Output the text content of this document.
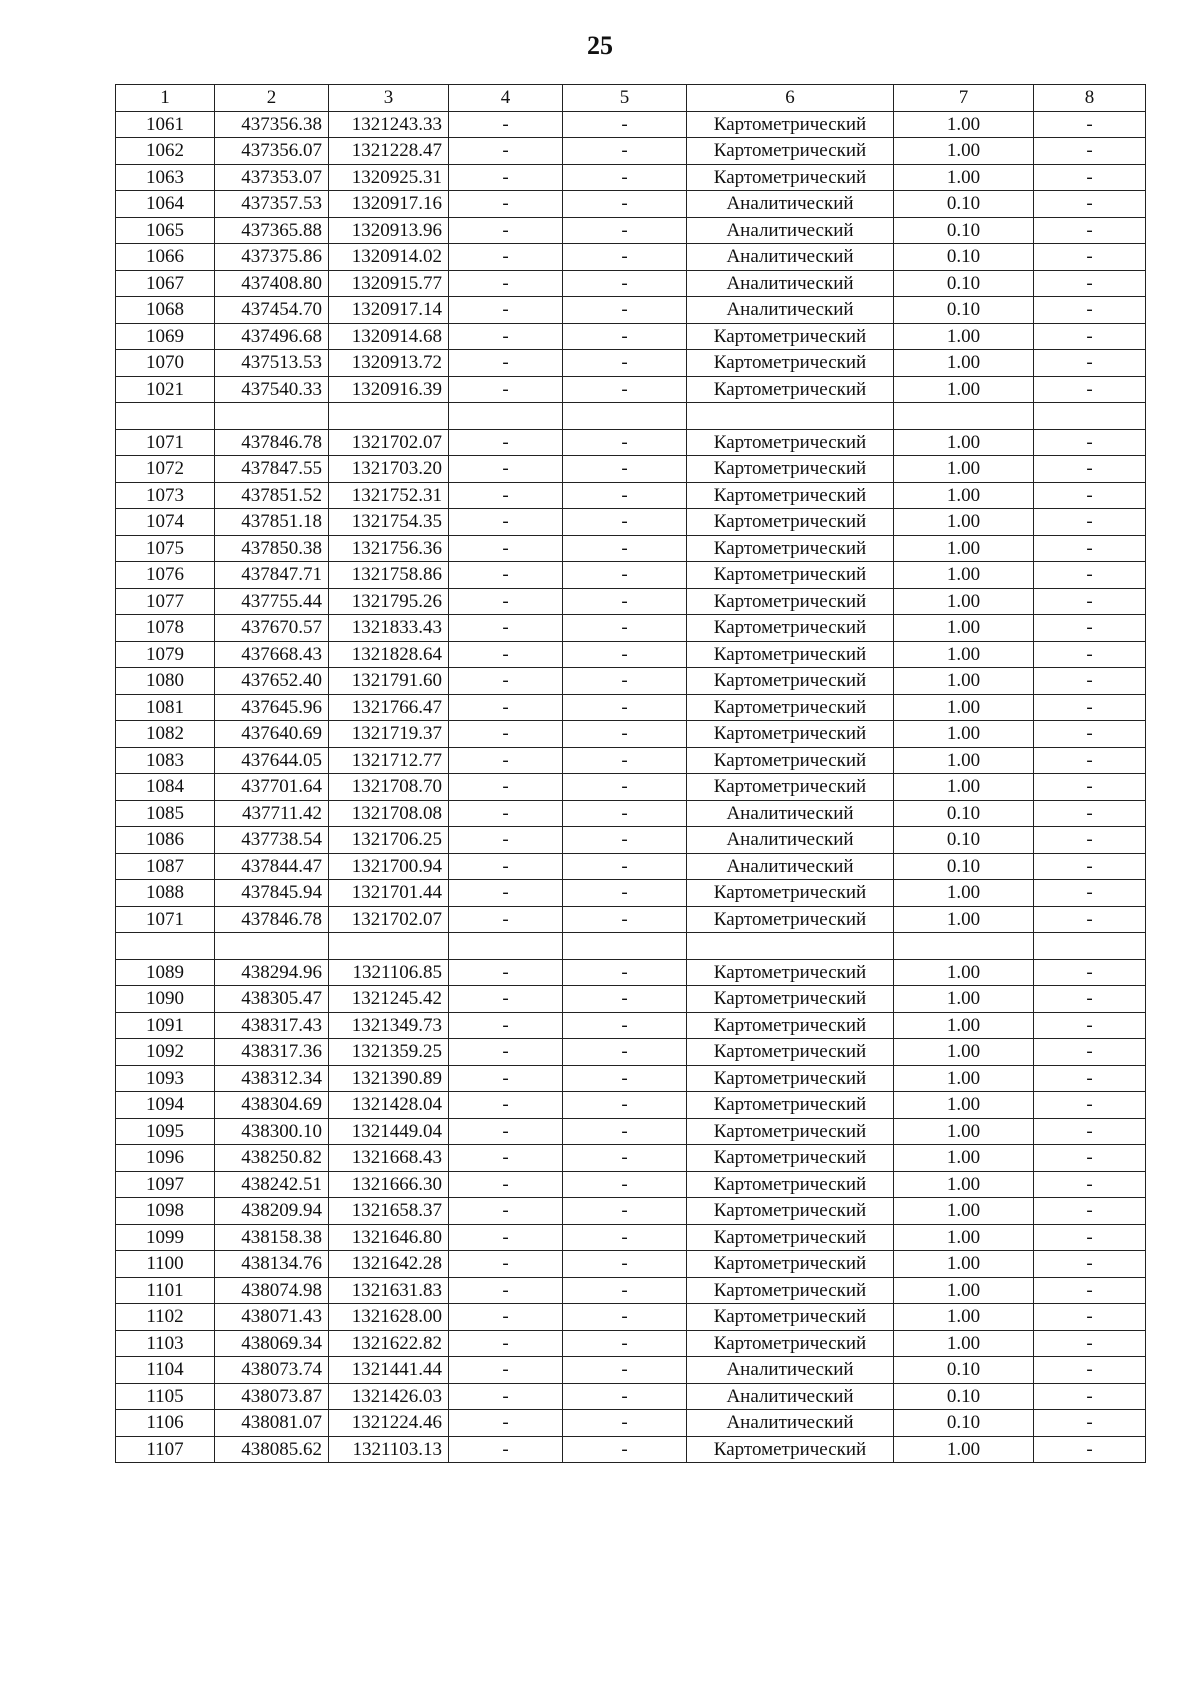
25
1	2	3	4	5	6	7	8
1061	437356.38	1321243.33	-	-	Картометрический	1.00	-
1062	437356.07	1321228.47	-	-	Картометрический	1.00	-
1063	437353.07	1320925.31	-	-	Картометрический	1.00	-
1064	437357.53	1320917.16	-	-	Аналитический	0.10	-
1065	437365.88	1320913.96	-	-	Аналитический	0.10	-
1066	437375.86	1320914.02	-	-	Аналитический	0.10	-
1067	437408.80	1320915.77	-	-	Аналитический	0.10	-
1068	437454.70	1320917.14	-	-	Аналитический	0.10	-
1069	437496.68	1320914.68	-	-	Картометрический	1.00	-
1070	437513.53	1320913.72	-	-	Картометрический	1.00	-
1021	437540.33	1320916.39	-	-	Картометрический	1.00	-

1071	437846.78	1321702.07	-	-	Картометрический	1.00	-
1072	437847.55	1321703.20	-	-	Картометрический	1.00	-
1073	437851.52	1321752.31	-	-	Картометрический	1.00	-
1074	437851.18	1321754.35	-	-	Картометрический	1.00	-
1075	437850.38	1321756.36	-	-	Картометрический	1.00	-
1076	437847.71	1321758.86	-	-	Картометрический	1.00	-
1077	437755.44	1321795.26	-	-	Картометрический	1.00	-
1078	437670.57	1321833.43	-	-	Картометрический	1.00	-
1079	437668.43	1321828.64	-	-	Картометрический	1.00	-
1080	437652.40	1321791.60	-	-	Картометрический	1.00	-
1081	437645.96	1321766.47	-	-	Картометрический	1.00	-
1082	437640.69	1321719.37	-	-	Картометрический	1.00	-
1083	437644.05	1321712.77	-	-	Картометрический	1.00	-
1084	437701.64	1321708.70	-	-	Картометрический	1.00	-
1085	437711.42	1321708.08	-	-	Аналитический	0.10	-
1086	437738.54	1321706.25	-	-	Аналитический	0.10	-
1087	437844.47	1321700.94	-	-	Аналитический	0.10	-
1088	437845.94	1321701.44	-	-	Картометрический	1.00	-
1071	437846.78	1321702.07	-	-	Картометрический	1.00	-

1089	438294.96	1321106.85	-	-	Картометрический	1.00	-
1090	438305.47	1321245.42	-	-	Картометрический	1.00	-
1091	438317.43	1321349.73	-	-	Картометрический	1.00	-
1092	438317.36	1321359.25	-	-	Картометрический	1.00	-
1093	438312.34	1321390.89	-	-	Картометрический	1.00	-
1094	438304.69	1321428.04	-	-	Картометрический	1.00	-
1095	438300.10	1321449.04	-	-	Картометрический	1.00	-
1096	438250.82	1321668.43	-	-	Картометрический	1.00	-
1097	438242.51	1321666.30	-	-	Картометрический	1.00	-
1098	438209.94	1321658.37	-	-	Картометрический	1.00	-
1099	438158.38	1321646.80	-	-	Картометрический	1.00	-
1100	438134.76	1321642.28	-	-	Картометрический	1.00	-
1101	438074.98	1321631.83	-	-	Картометрический	1.00	-
1102	438071.43	1321628.00	-	-	Картометрический	1.00	-
1103	438069.34	1321622.82	-	-	Картометрический	1.00	-
1104	438073.74	1321441.44	-	-	Аналитический	0.10	-
1105	438073.87	1321426.03	-	-	Аналитический	0.10	-
1106	438081.07	1321224.46	-	-	Аналитический	0.10	-
1107	438085.62	1321103.13	-	-	Картометрический	1.00	-
